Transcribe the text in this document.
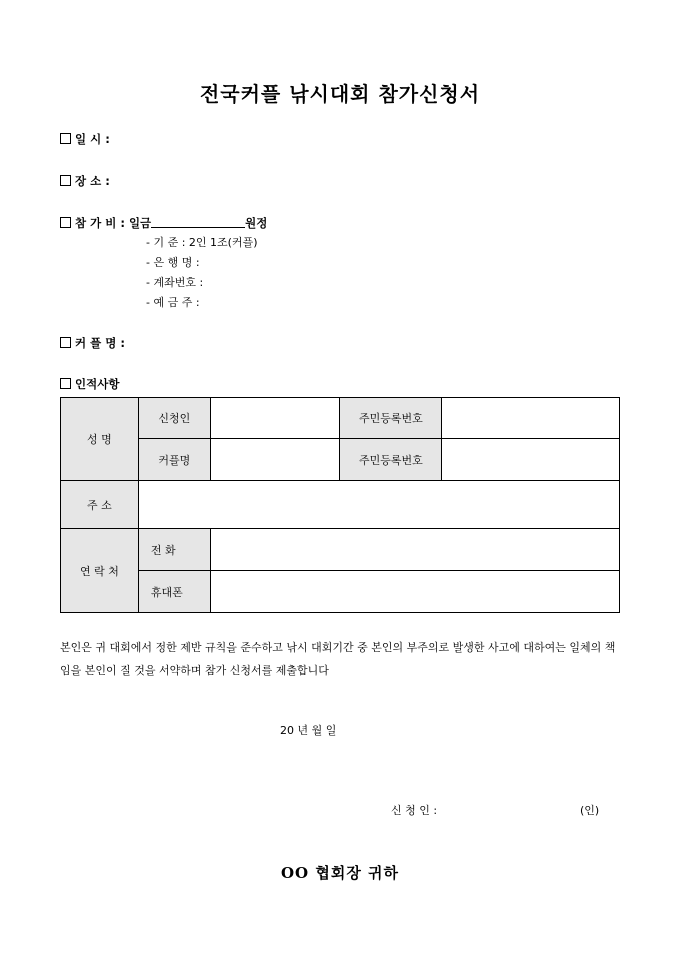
전국커플 낚시대회 참가신청서
일 시 :
장 소 :
참 가 비 : 일금	원정
- 기 준 : 2인 1조(커플)
- 은 행 명 :
- 계좌번호 :
- 예 금 주 :
커 플 명 :
인적사항
성 명	신청인		주민등록번호	
	커플명		주민등록번호	
주 소				
연 락 처	전 화			
	휴대폰			
본인은 귀 대회에서 정한 제반 규칙을 준수하고 낚시 대회기간 중 본인의 부주의로 발생한 사고에 대하여는 일체의 책임을 본인이 질 것을 서약하며 참가 신청서를 제출합니다
20 년 월 일
신 청 인 :	(인)
OO 협회장 귀하
